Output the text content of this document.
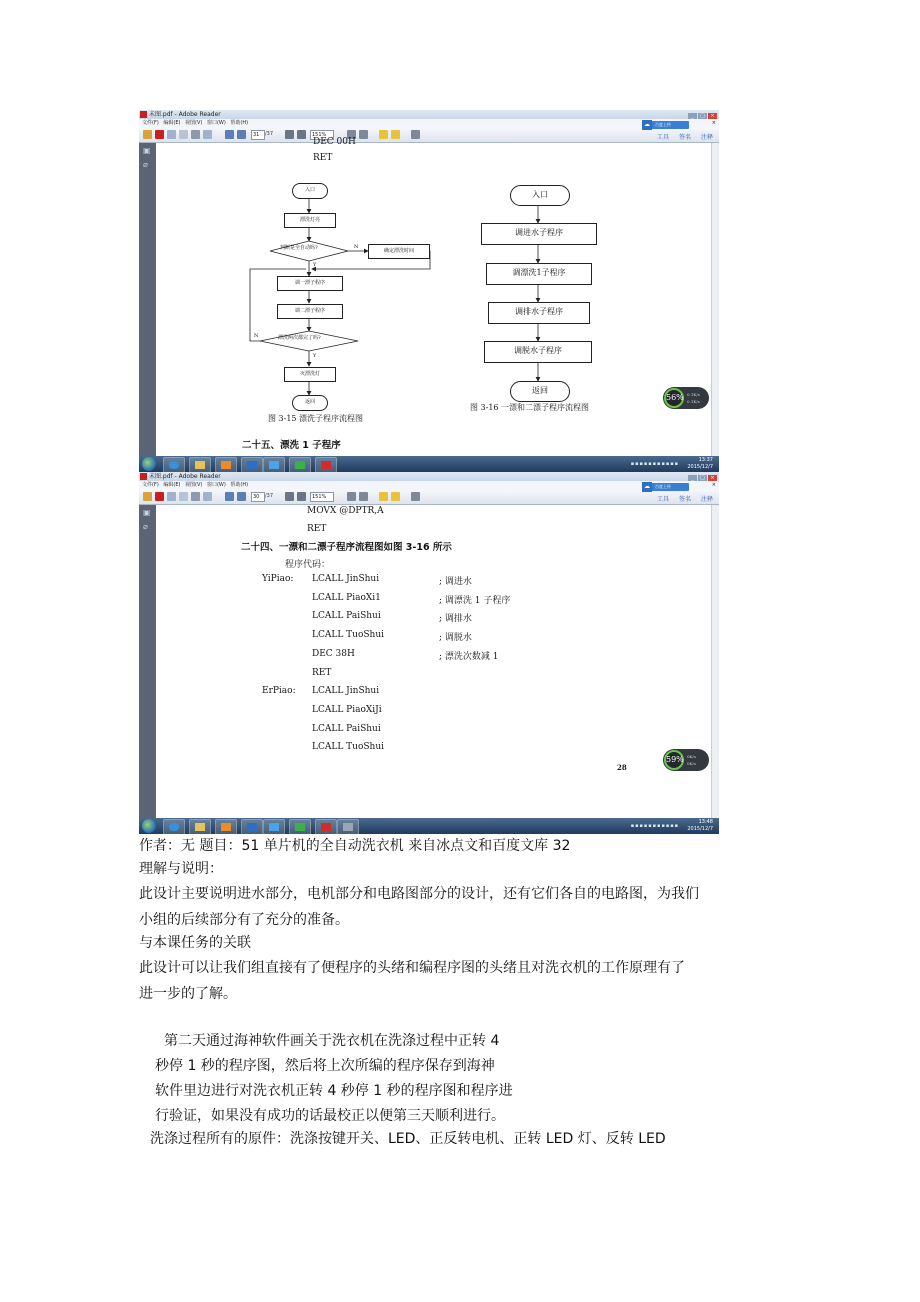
未图.pdf - Adobe Reader	_ □ ×
文件(F) 编辑(E) 视图(V) 窗口(W) 帮助(H)	×
31	/37	151%
☁	百度上传
工具 签名 注释
▣
⌀
DEC 00H
RET
入口
漂洗灯亮
判断是全自动吗?	N
确定漂洗时间
Y
调一漂子程序
调二漂子程序
漂洗两次都完了吗?
N
Y
灭漂洗灯
返回
图 3-15 漂洗子程序流程图
入口
调进水子程序
调漂洗1子程序
调排水子程序
调脱水子程序
返回
图 3-16 一漂和二漂子程序流程图
二十五、漂洗 1 子程序
56% 0.1K/s
0.1K/s
▪▪▪▪▪▪▪▪▪▪▪
13:37
2015/12/7
未图.pdf - Adobe Reader	_ □ ×
文件(F) 编辑(E) 视图(V) 窗口(W) 帮助(H)	×
30	/37	151%
☁	百度上传
工具 签名 注释
▣
⌀
MOVX @DPTR,A
RET
二十四、一漂和二漂子程序流程图如图 3-16 所示
程序代码：
YiPiao: LCALL JinShui	; 调进水
LCALL PiaoXi1	; 调漂洗 1 子程序
LCALL PaiShui	; 调排水
LCALL TuoShui	; 调脱水
DEC 38H	; 漂洗次数减 1
RET
ErPiao: LCALL JinShui
LCALL PiaoXiJi
LCALL PaiShui
LCALL TuoShui
28
59% 0K/s
0K/s
▪▪▪▪▪▪▪▪▪▪▪
13:48
2015/12/7
作者：无 题目：51 单片机的全自动洗衣机 来自冰点文和百度文库 32
理解与说明：
此设计主要说明进水部分，电机部分和电路图部分的设计，还有它们各自的电路图，为我们
小组的后续部分有了充分的准备。
与本课任务的关联
此设计可以让我们组直接有了便程序的头绪和编程序图的头绪且对洗衣机的工作原理有了
进一步的了解。
第二天通过海神软件画关于洗衣机在洗涤过程中正转 4
秒停 1 秒的程序图，然后将上次所编的程序保存到海神
软件里边进行对洗衣机正转 4 秒停 1 秒的程序图和程序进
行验证，如果没有成功的话最校正以便第三天顺利进行。
洗涤过程所有的原件：洗涤按键开关、LED、正反转电机、正转 LED 灯、反转 LED
